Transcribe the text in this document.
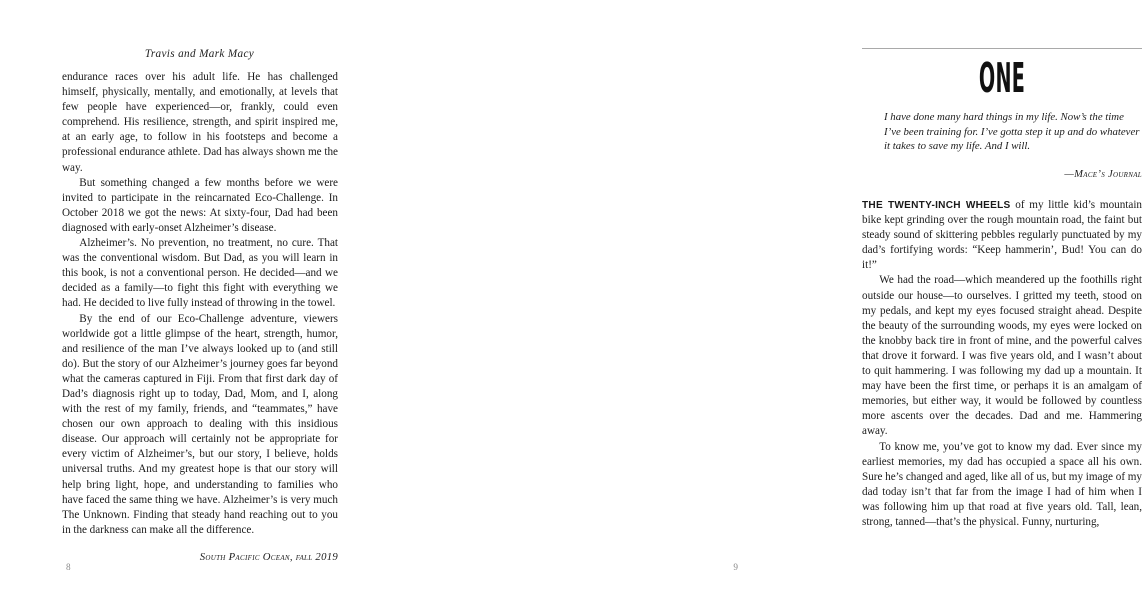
Travis and Mark Macy

endurance races over his adult life. He has challenged himself, physically, mentally, and emotionally, at levels that few people have experienced—or, frankly, could even comprehend. His resilience, strength, and spirit inspired me, at an early age, to follow in his footsteps and become a professional endurance athlete. Dad has always shown me the way.

But something changed a few months before we were invited to participate in the reincarnated Eco-Challenge. In October 2018 we got the news: At sixty-four, Dad had been diagnosed with early-onset Alzheimer’s disease.

Alzheimer’s. No prevention, no treatment, no cure. That was the conventional wisdom. But Dad, as you will learn in this book, is not a conventional person. He decided—and we decided as a family—to fight this fight with everything we had. He decided to live fully instead of throwing in the towel.

By the end of our Eco-Challenge adventure, viewers worldwide got a little glimpse of the heart, strength, humor, and resilience of the man I’ve always looked up to (and still do). But the story of our Alzheimer’s journey goes far beyond what the cameras captured in Fiji. From that first dark day of Dad’s diagnosis right up to today, Dad, Mom, and I, along with the rest of my family, friends, and “teammates,” have chosen our own approach to dealing with this insidious disease. Our approach will certainly not be appropriate for every victim of Alzheimer’s, but our story, I believe, holds universal truths. And my greatest hope is that our story will help bring light, hope, and understanding to families who have faced the same thing we have. Alzheimer’s is very much The Unknown. Finding that steady hand reaching out to you in the darkness can make all the difference.

South Pacific Ocean, fall 2019
8
ONE

I have done many hard things in my life. Now’s the time I’ve been training for. I’ve gotta step it up and do whatever it takes to save my life. And I will.

—Mace’s Journal

THE TWENTY-INCH WHEELS of my little kid’s mountain bike kept grinding over the rough mountain road, the faint but steady sound of skittering pebbles regularly punctuated by my dad’s fortifying words: “Keep hammerin’, Bud! You can do it!”

We had the road—which meandered up the foothills right outside our house—to ourselves. I gritted my teeth, stood on my pedals, and kept my eyes focused straight ahead. Despite the beauty of the surrounding woods, my eyes were locked on the knobby back tire in front of mine, and the powerful calves that drove it forward. I was five years old, and I wasn’t about to quit hammering. I was following my dad up a mountain. It may have been the first time, or perhaps it is an amalgam of memories, but either way, it would be followed by countless more ascents over the decades. Dad and me. Hammering away.

To know me, you’ve got to know my dad. Ever since my earliest memories, my dad has occupied a space all his own. Sure he’s changed and aged, like all of us, but my image of my dad today isn’t that far from the image I had of him when I was following him up that road at five years old. Tall, lean, strong, tanned—that’s the physical. Funny, nurturing,

9
